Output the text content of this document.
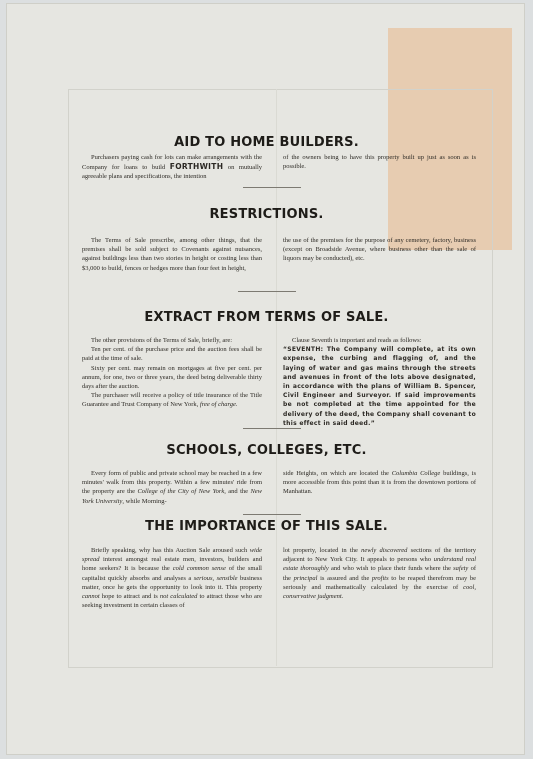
AID TO HOME BUILDERS.

Purchasers paying cash for lots can make arrangements with the Company for loans to build FORTHWITH on mutually agreeable plans and specifications, the intention

of the owners being to have this property built up just as soon as is possible.

RESTRICTIONS.

The Terms of Sale prescribe, among other things, that the premises shall be sold subject to Covenants against nuisances, against buildings less than two stories in height or costing less than $3,000 to build, fences or hedges more than four feet in height,

the use of the premises for the purpose of any cemetery, factory, business (except on Broadside Avenue, where business other than the sale of liquors may be conducted), etc.

EXTRACT FROM TERMS OF SALE.

The other provisions of the Terms of Sale, briefly, are:

Ten per cent. of the purchase price and the auction fees shall be paid at the time of sale.

Sixty per cent. may remain on mortgages at five per cent. per annum, for one, two or three years, the deed being deliverable thirty days after the auction.

The purchaser will receive a policy of title insurance of the Title Guarantee and Trust Company of New York, free of charge.

Clause Seventh is important and reads as follows:

“SEVENTH: The Company will complete, at its own expense, the curbing and flagging of, and the laying of water and gas mains through the streets and avenues in front of the lots above designated, in accordance with the plans of William B. Spencer, Civil Engineer and Surveyor. If said improvements be not completed at the time appointed for the delivery of the deed, the Company shall covenant to this effect in said deed.”

SCHOOLS, COLLEGES, ETC.

Every form of public and private school may be reached in a few minutes' walk from this property. Within a few minutes' ride from the property are the College of the City of New York, and the New York University, while Morning-

side Heights, on which are located the Columbia College buildings, is more accessible from this point than it is from the downtown portions of Manhattan.

THE IMPORTANCE OF THIS SALE.

Briefly speaking, why has this Auction Sale aroused such wide spread interest amongst real estate men, investors, builders and home seekers? It is because the cold common sense of the small capitalist quickly absorbs and analyses a serious, sensible business matter, once he gets the opportunity to look into it. This property cannot hope to attract and is not calculated to attract those who are seeking investment in certain classes of

lot property, located in the newly discovered sections of the territory adjacent to New York City. It appeals to persons who understand real estate thoroughly and who wish to place their funds where the safety of the principal is assured and the profits to be reaped therefrom may be seriously and mathematically calculated by the exercise of cool, conservative judgment.
